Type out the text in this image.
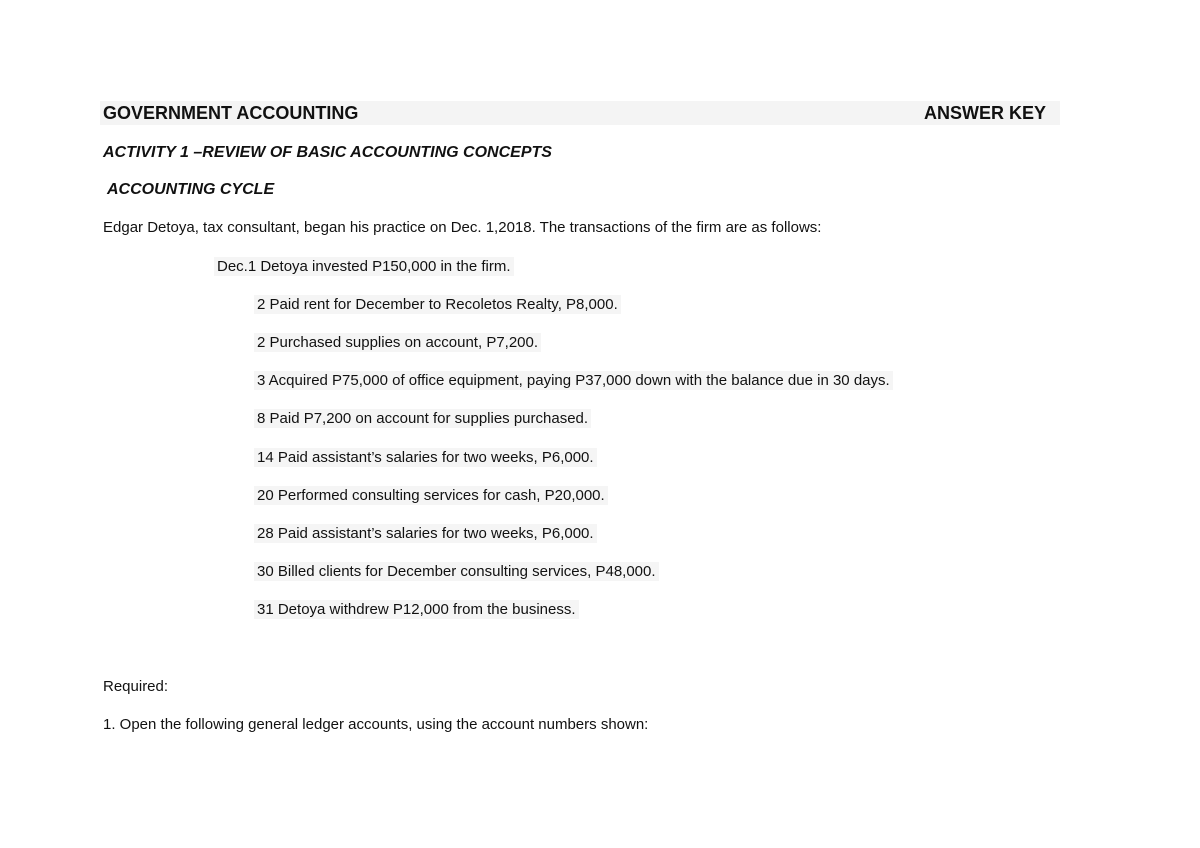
GOVERNMENT ACCOUNTING	ANSWER KEY
ACTIVITY 1 –REVIEW OF BASIC ACCOUNTING CONCEPTS
ACCOUNTING CYCLE
Edgar Detoya, tax consultant, began his practice on Dec. 1,2018. The transactions of the firm are as follows:
Dec.1 Detoya invested P150,000 in the firm.
2 Paid rent for December to Recoletos Realty, P8,000.
2 Purchased supplies on account, P7,200.
3 Acquired P75,000 of office equipment, paying P37,000 down with the balance due in 30 days.
8 Paid P7,200 on account for supplies purchased.
14 Paid assistant’s salaries for two weeks, P6,000.
20 Performed consulting services for cash, P20,000.
28 Paid assistant’s salaries for two weeks, P6,000.
30 Billed clients for December consulting services, P48,000.
31 Detoya withdrew P12,000 from the business.
Required:
1. Open the following general ledger accounts, using the account numbers shown:
